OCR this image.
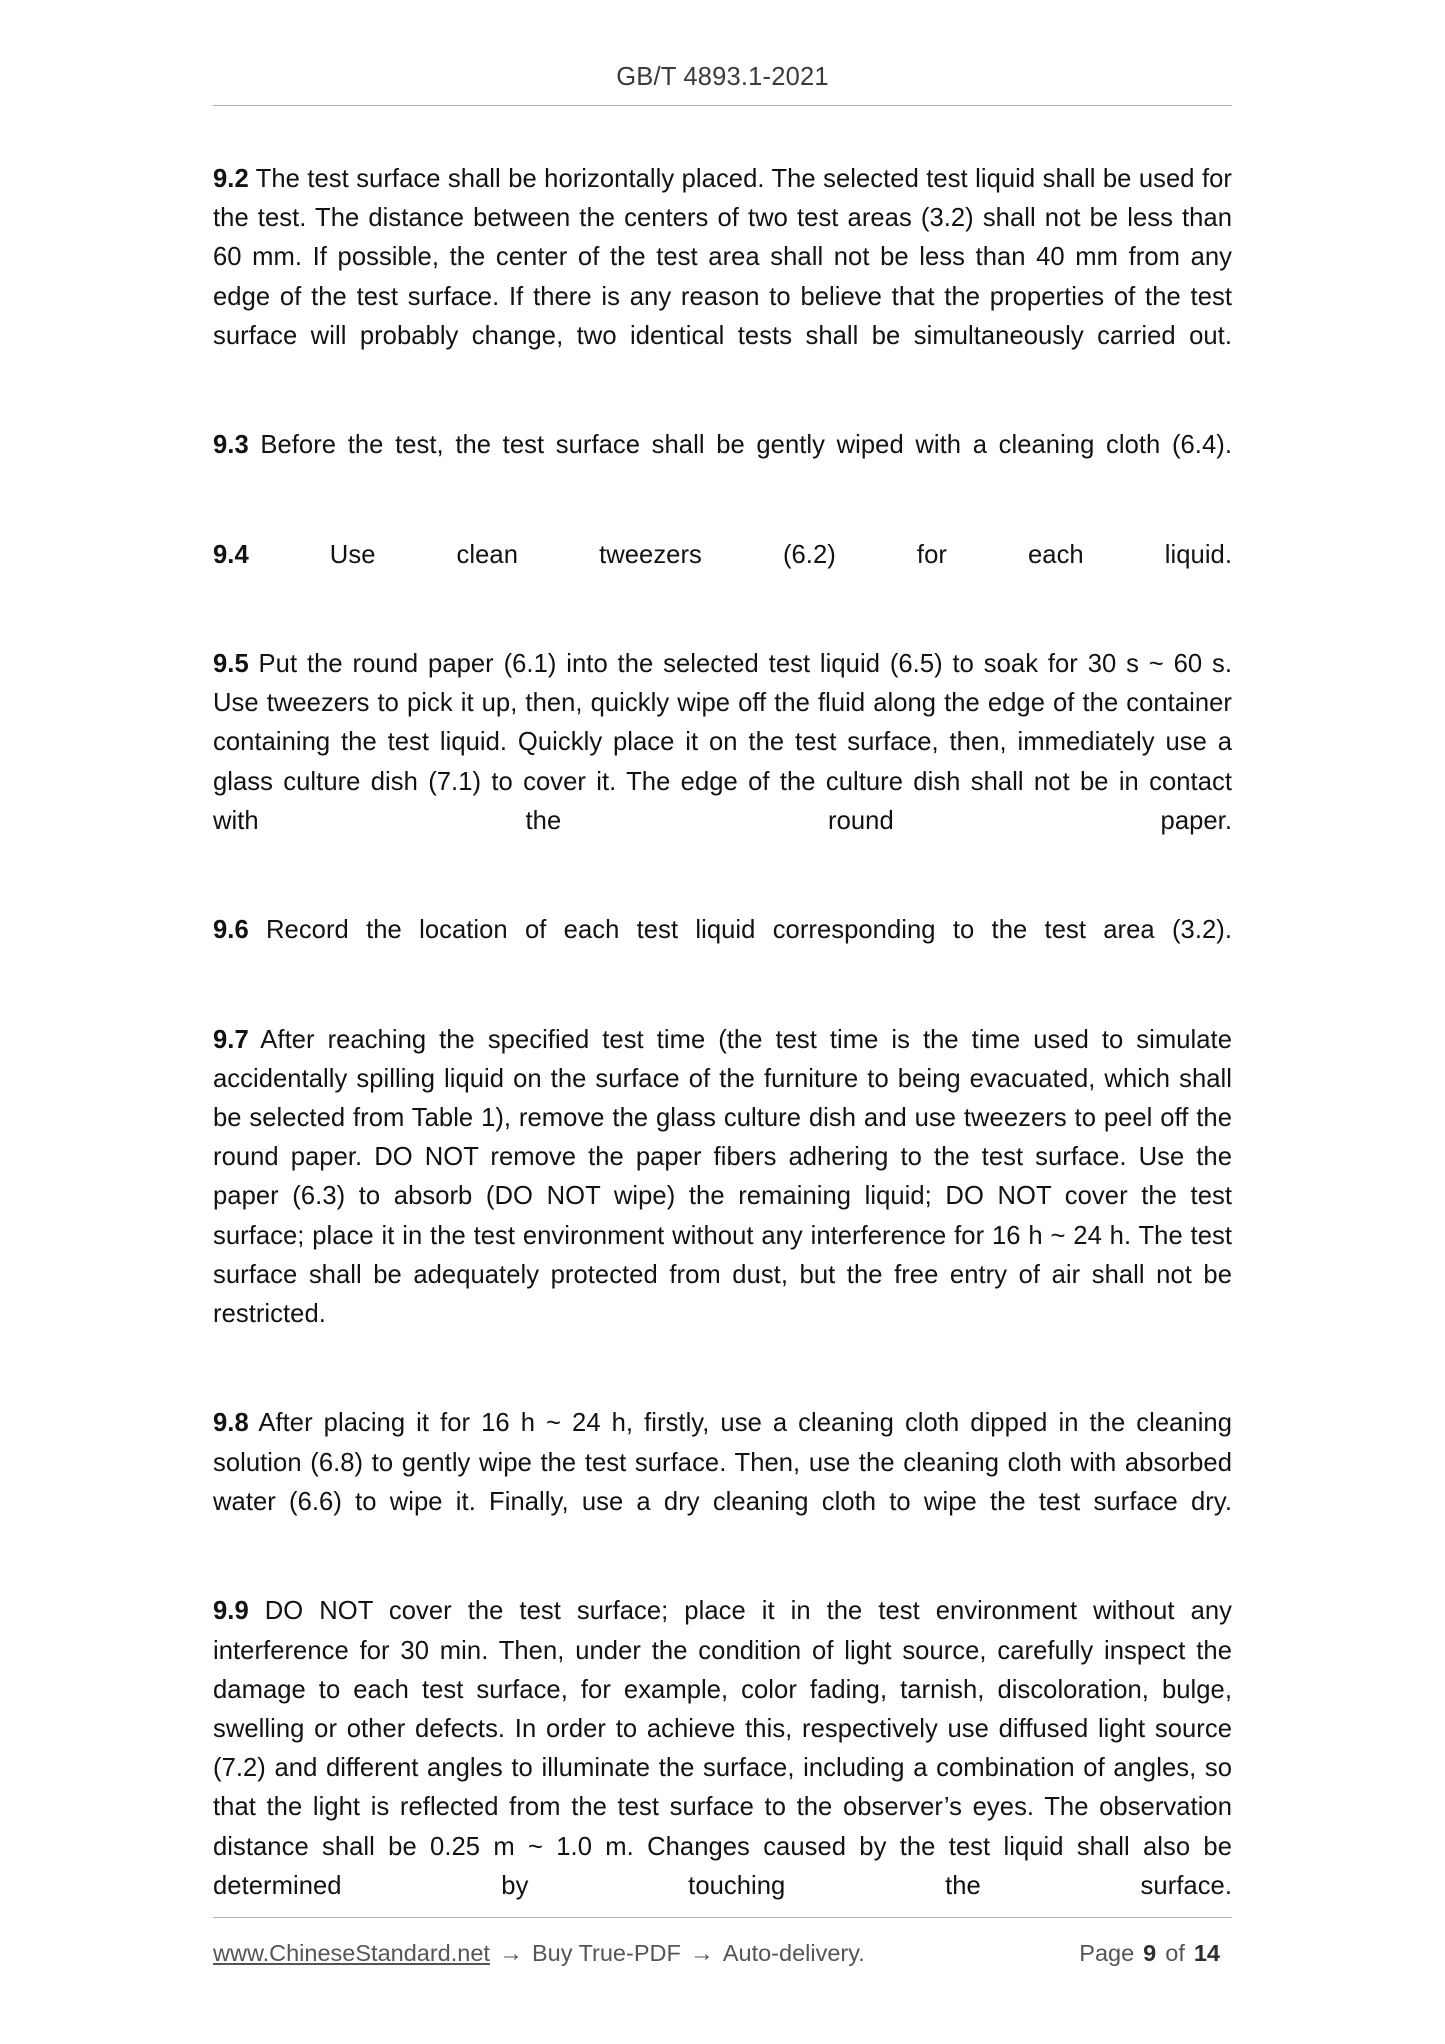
GB/T 4893.1-2021

9.2 The test surface shall be horizontally placed. The selected test liquid shall be used for the test. The distance between the centers of two test areas (3.2) shall not be less than 60 mm. If possible, the center of the test area shall not be less than 40 mm from any edge of the test surface. If there is any reason to believe that the properties of the test surface will probably change, two identical tests shall be simultaneously carried out.

9.3 Before the test, the test surface shall be gently wiped with a cleaning cloth (6.4).

9.4 Use clean tweezers (6.2) for each liquid.

9.5 Put the round paper (6.1) into the selected test liquid (6.5) to soak for 30 s ~ 60 s. Use tweezers to pick it up, then, quickly wipe off the fluid along the edge of the container containing the test liquid. Quickly place it on the test surface, then, immediately use a glass culture dish (7.1) to cover it. The edge of the culture dish shall not be in contact with the round paper.

9.6 Record the location of each test liquid corresponding to the test area (3.2).

9.7 After reaching the specified test time (the test time is the time used to simulate accidentally spilling liquid on the surface of the furniture to being evacuated, which shall be selected from Table 1), remove the glass culture dish and use tweezers to peel off the round paper. DO NOT remove the paper fibers adhering to the test surface. Use the paper (6.3) to absorb (DO NOT wipe) the remaining liquid; DO NOT cover the test surface; place it in the test environment without any interference for 16 h ~ 24 h. The test surface shall be adequately protected from dust, but the free entry of air shall not be restricted.

9.8 After placing it for 16 h ~ 24 h, firstly, use a cleaning cloth dipped in the cleaning solution (6.8) to gently wipe the test surface. Then, use the cleaning cloth with absorbed water (6.6) to wipe it. Finally, use a dry cleaning cloth to wipe the test surface dry.

9.9 DO NOT cover the test surface; place it in the test environment without any interference for 30 min. Then, under the condition of light source, carefully inspect the damage to each test surface, for example, color fading, tarnish, discoloration, bulge, swelling or other defects. In order to achieve this, respectively use diffused light source (7.2) and different angles to illuminate the surface, including a combination of angles, so that the light is reflected from the test surface to the observer’s eyes. The observation distance shall be 0.25 m ~ 1.0 m. Changes caused by the test liquid shall also be determined by touching the surface.

www.ChineseStandard.net → Buy True-PDF → Auto-delivery.	Page 9 of 14
